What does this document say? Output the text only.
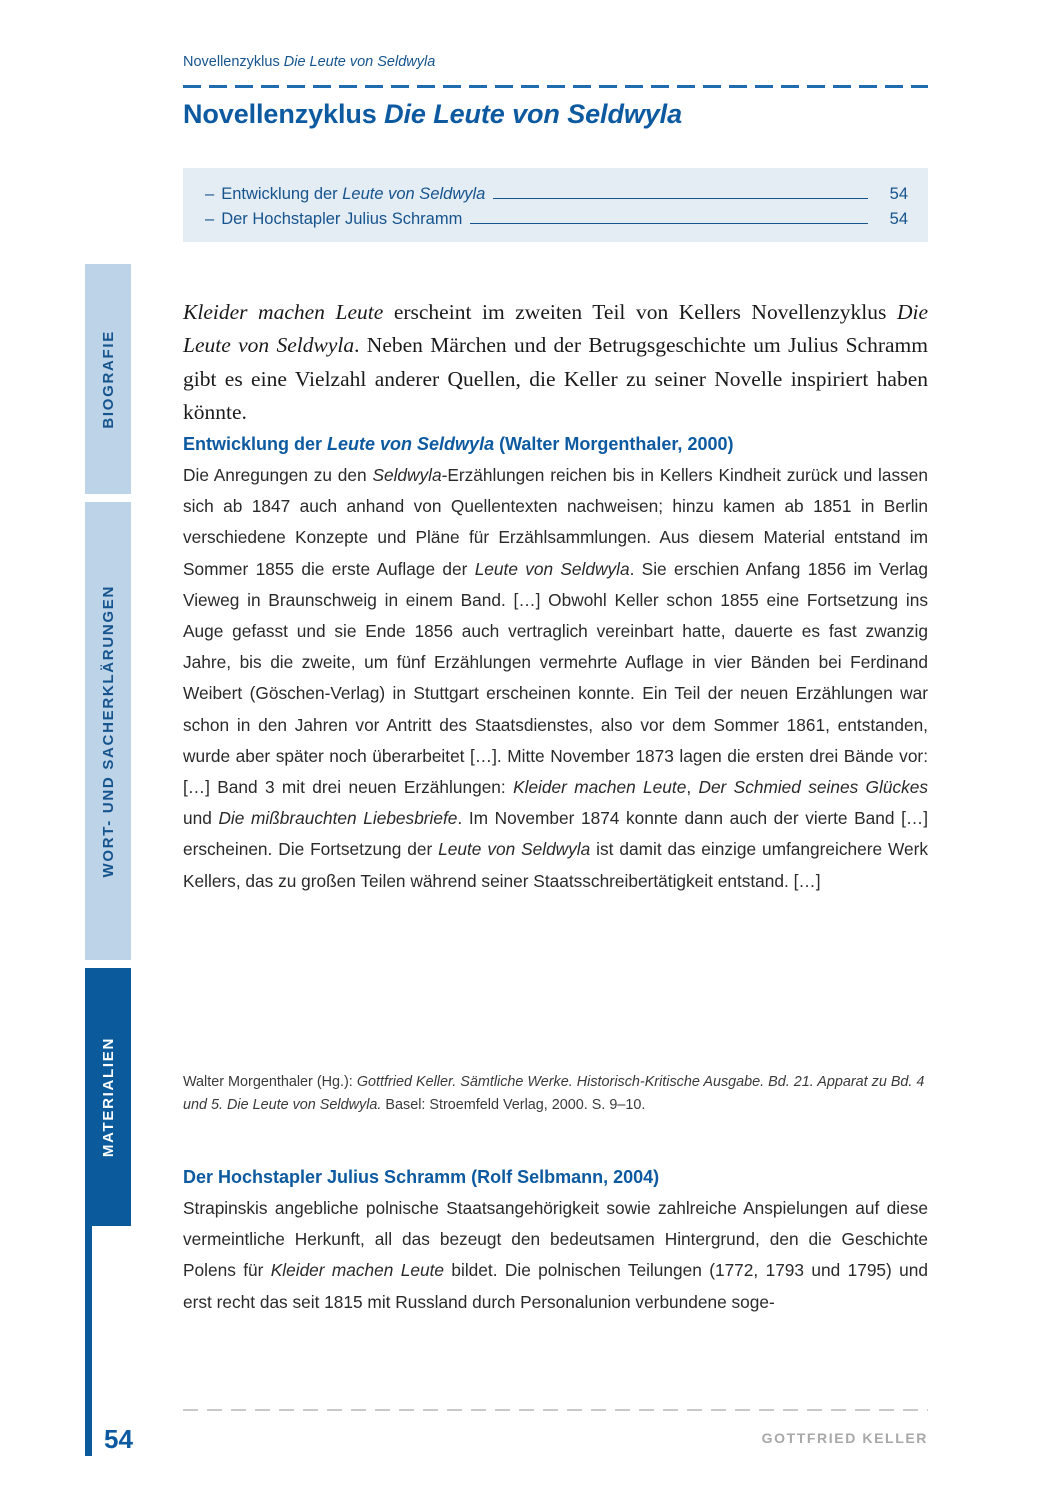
BIOGRAFIE
WORT- UND SACHERKLÄRUNGEN
MATERIALIEN
Novellenzyklus Die Leute von Seldwyla
Novellenzyklus Die Leute von Seldwyla
– Entwicklung der Leute von Seldwyla	54
– Der Hochstapler Julius Schramm	54

Kleider machen Leute erscheint im zweiten Teil von Kellers Novellenzyklus Die Leute von Seldwyla. Neben Märchen und der Betrugsgeschichte um Julius Schramm gibt es eine Vielzahl anderer Quellen, die Keller zu seiner Novelle inspiriert haben könnte.

Entwicklung der Leute von Seldwyla (Walter Morgenthaler, 2000)

Die Anregungen zu den Seldwyla-Erzählungen reichen bis in Kellers Kindheit zurück und lassen sich ab 1847 auch anhand von Quellentexten nachweisen; hinzu kamen ab 1851 in Berlin verschiedene Konzepte und Pläne für Erzählsammlungen. Aus diesem Material entstand im Sommer 1855 die erste Auflage der Leute von Seldwyla. Sie erschien Anfang 1856 im Verlag Vieweg in Braunschweig in einem Band. […] Obwohl Keller schon 1855 eine Fortsetzung ins Auge gefasst und sie Ende 1856 auch vertraglich vereinbart hatte, dauerte es fast zwanzig Jahre, bis die zweite, um fünf Erzählungen vermehrte Auflage in vier Bänden bei Ferdinand Weibert (Göschen-Verlag) in Stuttgart erscheinen konnte. Ein Teil der neuen Erzählungen war schon in den Jahren vor Antritt des Staatsdienstes, also vor dem Sommer 1861, entstanden, wurde aber später noch überarbeitet […]. Mitte November 1873 lagen die ersten drei Bände vor: […] Band 3 mit drei neuen Erzählungen: Kleider machen Leute, Der Schmied seines Glückes und Die mißbrauchten Liebesbriefe. Im November 1874 konnte dann auch der vierte Band […] erscheinen. Die Fortsetzung der Leute von Seldwyla ist damit das einzige umfangreichere Werk Kellers, das zu großen Teilen während seiner Staatsschreibertätigkeit entstand. […]

Walter Morgenthaler (Hg.): Gottfried Keller. Sämtliche Werke. Historisch-Kritische Ausgabe. Bd. 21. Apparat zu Bd. 4 und 5. Die Leute von Seldwyla. Basel: Stroemfeld Verlag, 2000. S. 9–10.

Der Hochstapler Julius Schramm (Rolf Selbmann, 2004)

Strapinskis angebliche polnische Staatsangehörigkeit sowie zahlreiche Anspielungen auf diese vermeintliche Herkunft, all das bezeugt den bedeutsamen Hintergrund, den die Geschichte Polens für Kleider machen Leute bildet. Die polnischen Teilungen (1772, 1793 und 1795) und erst recht das seit 1815 mit Russland durch Personalunion verbundene soge-

54	GOTTFRIED KELLER
